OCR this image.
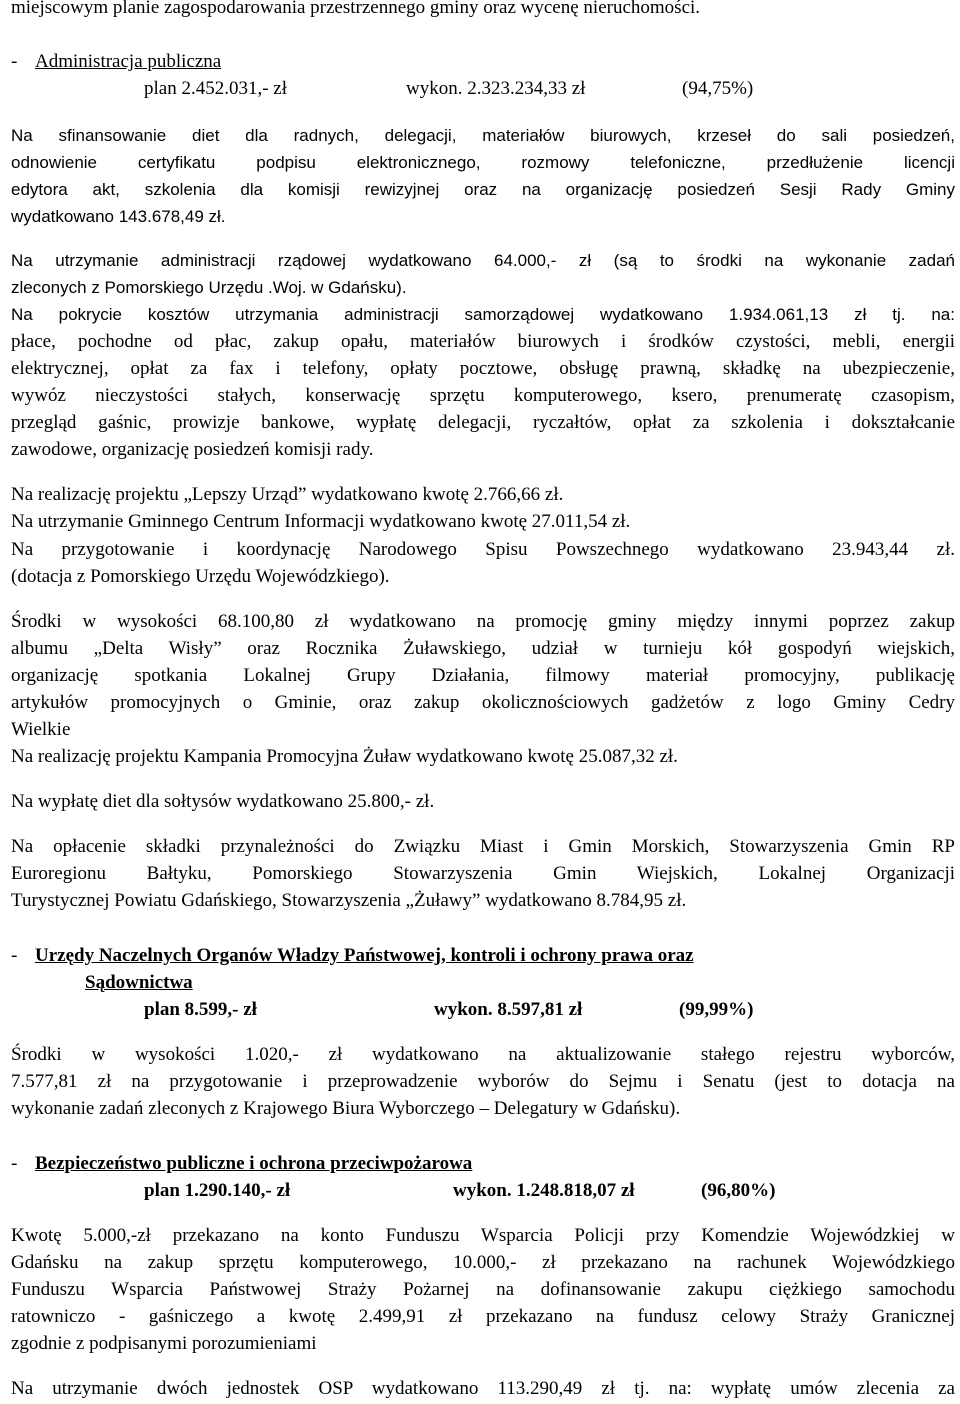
miejscowym planie zagospodarowania przestrzennego gminy oraz wycenę nieruchomości.
- Administracja publiczna
plan 2.452.031,- zł	wykon. 2.323.234,33 zł	(94,75%)
Na sfinansowanie diet dla radnych, delegacji, materiałów biurowych, krzeseł do sali posiedzeń,
odnowienie certyfikatu podpisu elektronicznego, rozmowy telefoniczne, przedłużenie licencji
edytora akt, szkolenia dla komisji rewizyjnej oraz na organizację posiedzeń Sesji Rady Gminy
wydatkowano 143.678,49 zł.
Na utrzymanie administracji rządowej wydatkowano 64.000,- zł (są to środki na wykonanie zadań
zleconych z Pomorskiego Urzędu .Woj. w Gdańsku).
Na pokrycie kosztów utrzymania administracji samorządowej wydatkowano 1.934.061,13 zł tj. na:
płace, pochodne od płac, zakup opału, materiałów biurowych i środków czystości, mebli, energii
elektrycznej, opłat za fax i telefony, opłaty pocztowe, obsługę prawną, składkę na ubezpieczenie,
wywóz nieczystości stałych, konserwację sprzętu komputerowego, ksero, prenumeratę czasopism,
przegląd gaśnic, prowizje bankowe, wypłatę delegacji, ryczałtów, opłat za szkolenia i dokształcanie
zawodowe, organizację posiedzeń komisji rady.
Na realizację projektu „Lepszy Urząd” wydatkowano kwotę 2.766,66 zł.
Na utrzymanie Gminnego Centrum Informacji wydatkowano kwotę 27.011,54 zł.
Na przygotowanie i koordynację Narodowego Spisu Powszechnego wydatkowano 23.943,44 zł.
(dotacja z Pomorskiego Urzędu Wojewódzkiego).
Środki w wysokości 68.100,80 zł wydatkowano na promocję gminy między innymi poprzez zakup
albumu „Delta Wisły” oraz Rocznika Żuławskiego, udział w turnieju kół gospodyń wiejskich,
organizację spotkania Lokalnej Grupy Działania, filmowy materiał promocyjny, publikację
artykułów promocyjnych o Gminie, oraz zakup okolicznościowych gadżetów z logo Gminy Cedry
Wielkie
Na realizację projektu Kampania Promocyjna Żuław wydatkowano kwotę 25.087,32 zł.
Na wypłatę diet dla sołtysów wydatkowano 25.800,- zł.
Na opłacenie składki przynależności do Związku Miast i Gmin Morskich, Stowarzyszenia Gmin RP
Euroregionu Bałtyku, Pomorskiego Stowarzyszenia Gmin Wiejskich, Lokalnej Organizacji
Turystycznej Powiatu Gdańskiego, Stowarzyszenia „Żuławy” wydatkowano 8.784,95 zł.
- Urzędy Naczelnych Organów Władzy Państwowej, kontroli i ochrony prawa oraz
Sądownictwa
plan 8.599,- zł	wykon. 8.597,81 zł	(99,99%)
Środki w wysokości 1.020,- zł wydatkowano na aktualizowanie stałego rejestru wyborców,
7.577,81 zł na przygotowanie i przeprowadzenie wyborów do Sejmu i Senatu (jest to dotacja na
wykonanie zadań zleconych z Krajowego Biura Wyborczego – Delegatury w Gdańsku).
- Bezpieczeństwo publiczne i ochrona przeciwpożarowa
plan 1.290.140,- zł	wykon. 1.248.818,07 zł	(96,80%)
Kwotę 5.000,-zł przekazano na konto Funduszu Wsparcia Policji przy Komendzie Wojewódzkiej w
Gdańsku na zakup sprzętu komputerowego, 10.000,- zł przekazano na rachunek Wojewódzkiego
Funduszu Wsparcia Państwowej Straży Pożarnej na dofinansowanie zakupu ciężkiego samochodu
ratowniczo - gaśniczego a kwotę 2.499,91 zł przekazano na fundusz celowy Straży Granicznej
zgodnie z podpisanymi porozumieniami
Na utrzymanie dwóch jednostek OSP wydatkowano 113.290,49 zł tj. na: wypłatę umów zlecenia za
